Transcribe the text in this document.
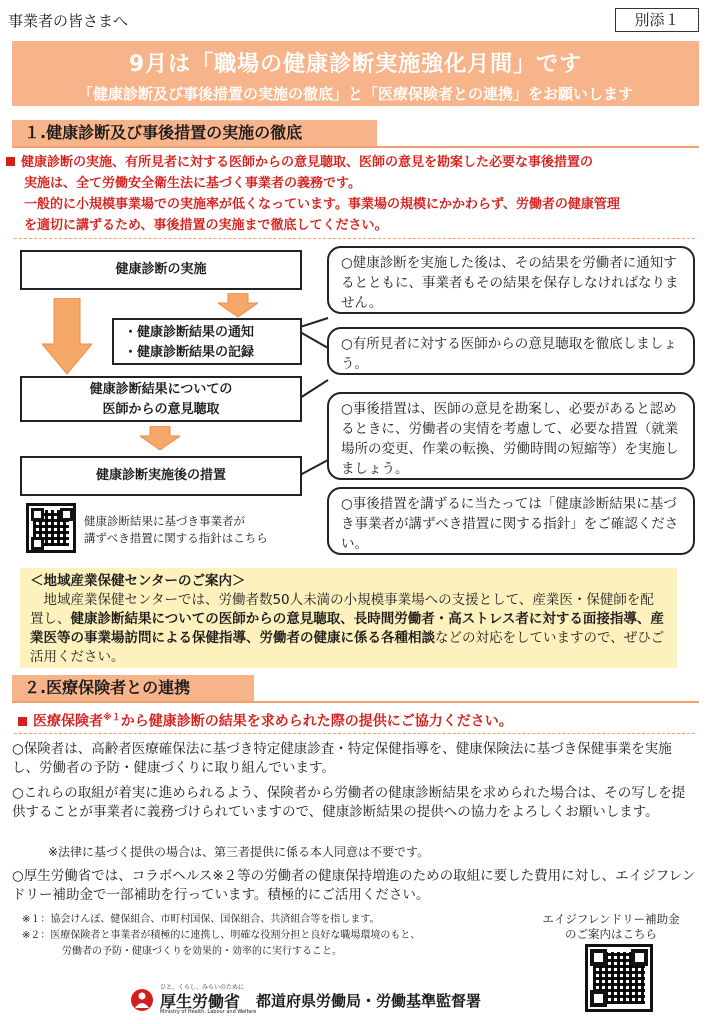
事業者の皆さまへ	別添１
9月は「職場の健康診断実施強化月間」です
「健康診断及び事後措置の実施の徹底」と「医療保険者との連携」をお願いします
１.健康診断及び事後措置の実施の徹底
健康診断の実施、有所見者に対する医師からの意見聴取、医師の意見を勘案した必要な事後措置の
実施は、全て労働安全衛生法に基づく事業者の義務です。
一般的に小規模事業場での実施率が低くなっています。事業場の規模にかかわらず、労働者の健康管理
を適切に講ずるため、事後措置の実施まで徹底してください。
健康診断の実施
・健康診断結果の通知
・健康診断結果の記録
健康診断結果についての
医師からの意見聴取
健康診断実施後の措置
○健康診断を実施した後は、その結果を労働者に通知するとともに、事業者もその結果を保存しなければなりません。
○有所見者に対する医師からの意見聴取を徹底しましょう。
○事後措置は、医師の意見を勘案し、必要があると認めるときに、労働者の実情を考慮して、必要な措置（就業場所の変更、作業の転換、労働時間の短縮等）を実施しましょう。
○事後措置を講ずるに当たっては「健康診断結果に基づき事業者が講ずべき措置に関する指針」をご確認ください。
健康診断結果に基づき事業者が
講ずべき措置に関する指針はこちら
＜地域産業保健センターのご案内＞
　地域産業保健センターでは、労働者数50人未満の小規模事業場への支援として、産業医・保健師を配置し、健康診断結果についての医師からの意見聴取、長時間労働者・高ストレス者に対する面接指導、産業医等の事業場訪問による保健指導、労働者の健康に係る各種相談などの対応をしていますので、ぜひご活用ください。
２.医療保険者との連携
医療保険者$^{※1}$から健康診断の結果を求められた際の提供にご協力ください。
○保険者は、高齢者医療確保法に基づき特定健康診査・特定保健指導を、健康保険法に基づき保健事業を実施し、労働者の予防・健康づくりに取り組んでいます。
○これらの取組が着実に進められるよう、保険者から労働者の健康診断結果を求められた場合は、その写しを提供することが事業者に義務づけられていますので、健康診断結果の提供への協力をよろしくお願いします。
※法律に基づく提供の場合は、第三者提供に係る本人同意は不要です。
○厚生労働省では、コラボヘルス※２等の労働者の健康保持増進のための取組に要した費用に対し、エイジフレンドリー補助金で一部補助を行っています。積極的にご活用ください。
※１：協会けんぽ、健保組合、市町村国保、国保組合、共済組合等を指します。
※２：医療保険者と事業者が積極的に連携し、明確な役割分担と良好な職場環境のもと、
労働者の予防・健康づくりを効果的・効率的に実行すること。
エイジフレンドリー補助金
のご案内はこちら
ひと、くらし、みらいのために
厚生労働省
Ministry of Health, Labour and Welfare
都道府県労働局・労働基準監督署
